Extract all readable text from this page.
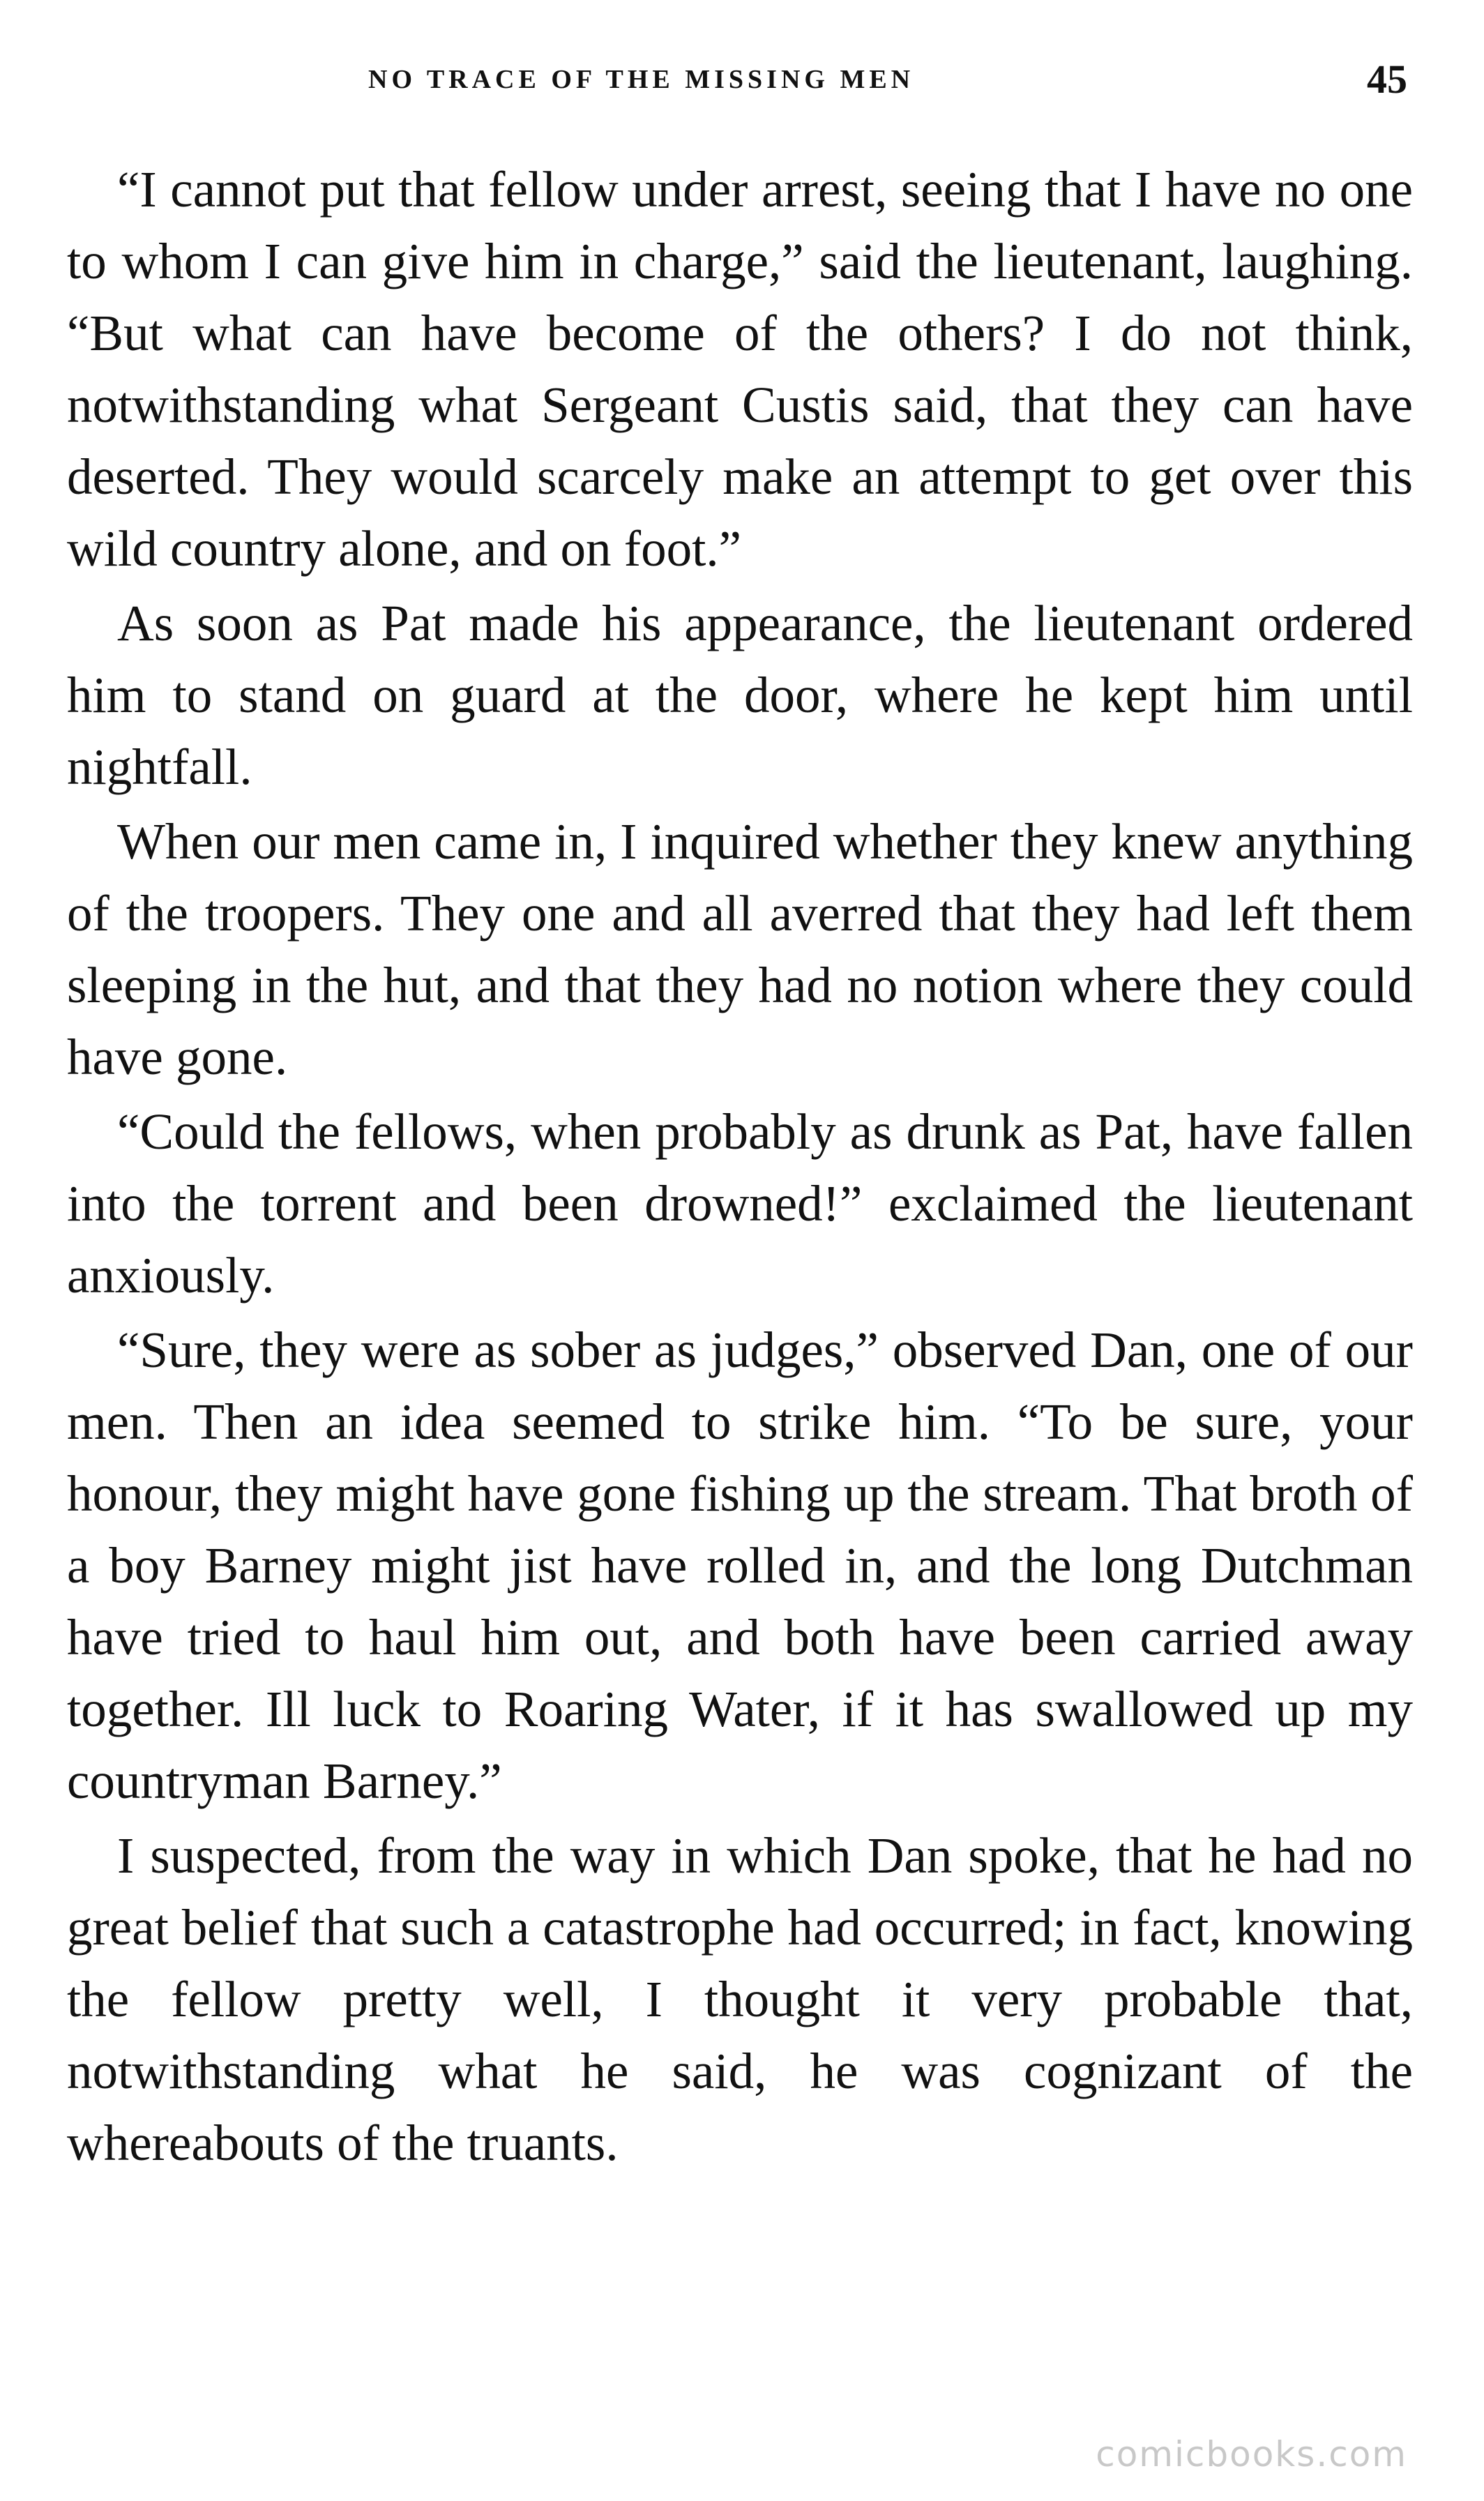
NO TRACE OF THE MISSING MEN	45

“I cannot put that fellow under arrest, seeing that I have no one to whom I can give him in charge,” said the lieutenant, laughing. “But what can have become of the others? I do not think, notwithstanding what Sergeant Custis said, that they can have deserted. They would scarcely make an attempt to get over this wild country alone, and on foot.”

As soon as Pat made his appearance, the lieutenant ordered him to stand on guard at the door, where he kept him until nightfall.

When our men came in, I inquired whether they knew anything of the troopers. They one and all averred that they had left them sleeping in the hut, and that they had no notion where they could have gone.

“Could the fellows, when probably as drunk as Pat, have fallen into the torrent and been drowned!” exclaimed the lieutenant anxiously.

“Sure, they were as sober as judges,” observed Dan, one of our men. Then an idea seemed to strike him. “To be sure, your honour, they might have gone fishing up the stream. That broth of a boy Barney might jist have rolled in, and the long Dutchman have tried to haul him out, and both have been carried away together. Ill luck to Roaring Water, if it has swallowed up my countryman Barney.”

I suspected, from the way in which Dan spoke, that he had no great belief that such a catastrophe had occurred; in fact, knowing the fellow pretty well, I thought it very probable that, notwithstanding what he said, he was cognizant of the whereabouts of the truants.

comicbooks.com
